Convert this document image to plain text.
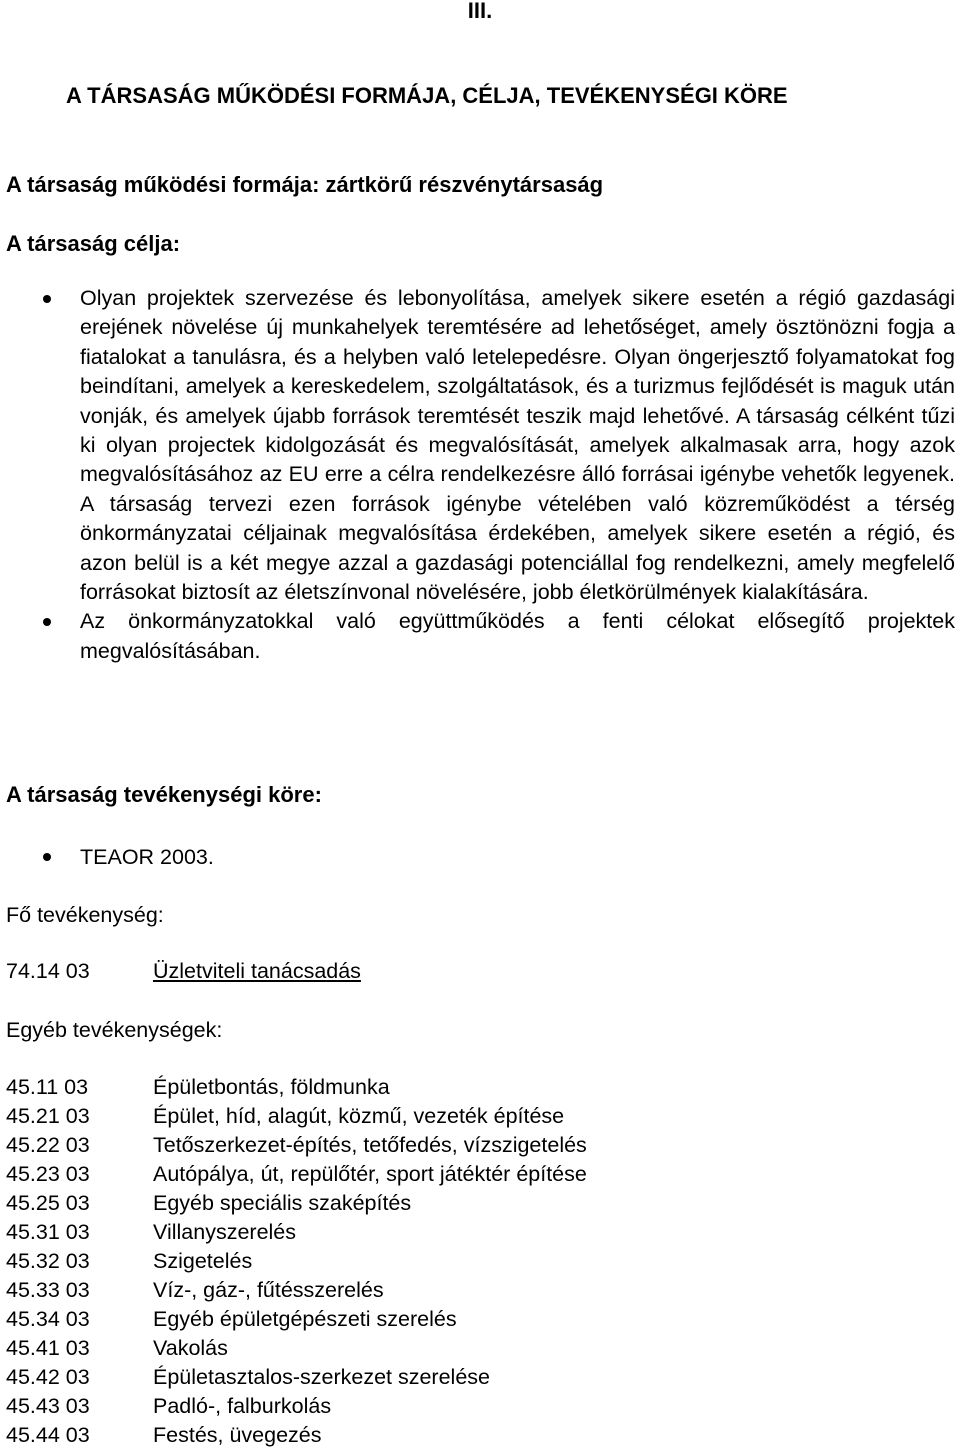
III.
A TÁRSASÁG MŰKÖDÉSI FORMÁJA, CÉLJA, TEVÉKENYSÉGI KÖRE
A társaság működési formája: zártkörű részvénytársaság
A társaság célja:
Olyan projektek szervezése és lebonyolítása, amelyek sikere esetén a régió gazdasági erejének növelése új munkahelyek teremtésére ad lehetőséget, amely ösztönözni fogja a fiatalokat a tanulásra, és a helyben való letelepedésre. Olyan öngerjesztő folyamatokat fog beindítani, amelyek a kereskedelem, szolgáltatások, és a turizmus fejlődését is maguk után vonják, és amelyek újabb források teremtését teszik majd lehetővé. A társaság célként tűzi ki olyan projectek kidolgozását és megvalósítását, amelyek alkalmasak arra, hogy azok megvalósításához az EU erre a célra rendelkezésre álló forrásai igénybe vehetők legyenek. A társaság tervezi ezen források igénybe vételében való közreműködést a térség önkormányzatai céljainak megvalósítása érdekében, amelyek sikere esetén a régió, és azon belül is a két megye azzal a gazdasági potenciállal fog rendelkezni, amely megfelelő forrásokat biztosít az életszínvonal növelésére, jobb életkörülmények kialakítására.
Az önkormányzatokkal való együttműködés a fenti célokat elősegítő projektek megvalósításában.
A társaság tevékenységi köre:
TEAOR 2003.
Fő tevékenység:
74.14 03	Üzletviteli tanácsadás
Egyéb tevékenységek:
45.11 03	Épületbontás, földmunka
45.21 03	Épület, híd, alagút, közmű, vezeték építése
45.22 03	Tetőszerkezet-építés, tetőfedés, vízszigetelés
45.23 03	Autópálya, út, repülőtér, sport játéktér építése
45.25 03	Egyéb speciális szaképítés
45.31 03	Villanyszerelés
45.32 03	Szigetelés
45.33 03	Víz-, gáz-, fűtésszerelés
45.34 03	Egyéb épületgépészeti szerelés
45.41 03	Vakolás
45.42 03	Épületasztalos-szerkezet szerelése
45.43 03	Padló-, falburkolás
45.44 03	Festés, üvegezés
